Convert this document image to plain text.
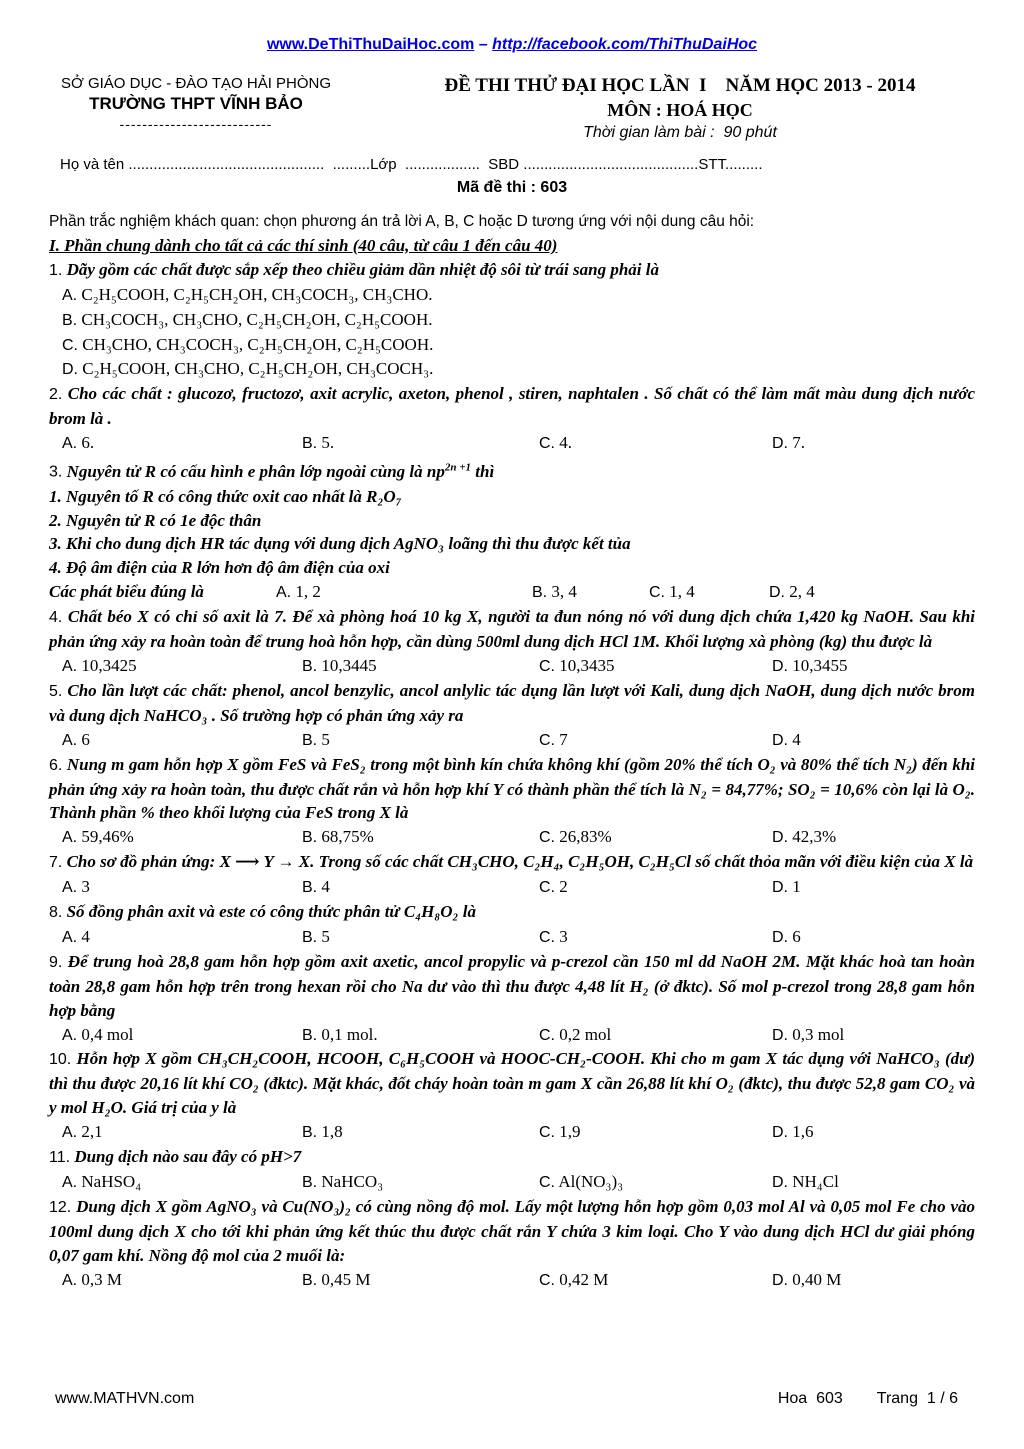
www.DeThiThuDaiHoc.com – http://facebook.com/ThiThuDaiHoc
SỞ GIÁO DỤC - ĐÀO TẠO HẢI PHÒNG
TRƯỜNG THPT VĨNH BẢO
---------------------------
ĐỀ THI THỬ ĐẠI HỌC LẦN  I    NĂM HỌC 2013 - 2014
MÔN : HOÁ HỌC
Thời gian làm bài :  90 phút
Họ và tên ...............................................  .........Lớp  ..................  SBD ..........................................STT.........
Mã đề thi : 603
Phần trắc nghiệm khách quan: chọn phương án trả lời A, B, C hoặc D tương ứng với nội dung câu hỏi:
I. Phần chung dành cho tất cả các thí sinh (40 câu, từ câu 1 đến câu 40)

1. Dãy gồm các chất được sắp xếp theo chiều giảm dần nhiệt độ sôi từ trái sang phải là

A. C₂H₅COOH, C₂H₅CH₂OH, CH₃COCH₃, CH₃CHO.
B. CH₃COCH₃, CH₃CHO, C₂H₅CH₂OH, C₂H₅COOH.
C. CH₃CHO, CH₃COCH₃, C₂H₅CH₂OH, C₂H₅COOH.
D. C₂H₅COOH, CH₃CHO, C₂H₅CH₂OH, CH₃COCH₃.

2. Cho các chất : glucozơ, fructozơ, axit acrylic, axeton, phenol , stiren, naphtalen . Số chất có thể làm mất màu dung dịch nước brom là .

A. 6.	B. 5.	C. 4.	D. 7.

3. Nguyên tử R có cấu hình e phân lớp ngoài cùng là $np^{2n +1}$ thì

1. Nguyên tố R có công thức oxit cao nhất là R₂O₇

2. Nguyên tử R có 1e độc thân

3. Khi cho dung dịch HR tác dụng với dung dịch AgNO₃ loãng thì thu được kết tủa

4. Độ âm điện của R lớn hơn độ âm điện của oxi

Các phát biểu đúng là	A. 1, 2	B. 3, 4	C. 1, 4	D. 2, 4

4. Chất béo X có chỉ số axit là 7. Để xà phòng hoá 10 kg X, người ta đun nóng nó với dung dịch chứa 1,420 kg NaOH. Sau khi phản ứng xảy ra hoàn toàn để trung hoà hỗn hợp, cần dùng 500ml dung dịch HCl 1M. Khối lượng xà phòng (kg) thu được là

A. 10,3425	B. 10,3445	C. 10,3435	D. 10,3455

5. Cho lần lượt các chất: phenol, ancol benzylic, ancol anlylic tác dụng lần lượt với Kali, dung dịch NaOH, dung dịch nước brom và dung dịch NaHCO₃ . Số trường hợp có phản ứng xảy ra

A. 6	B. 5	C. 7	D. 4

6. Nung m gam hỗn hợp X gồm FeS và FeS₂ trong một bình kín chứa không khí (gồm 20% thể tích O₂ và 80% thể tích N₂) đến khi phản ứng xảy ra hoàn toàn, thu được chất rắn và hỗn hợp khí Y có thành phần thể tích là N₂ = 84,77%; SO₂ = 10,6% còn lại là O₂. Thành phần % theo khối lượng của FeS trong X là

A. 59,46%	B. 68,75%	C. 26,83%	D. 42,3%

7. Cho sơ đồ phản ứng: X ⟶ Y → X. Trong số các chất CH₃CHO, C₂H₄, C₂H₅OH, C₂H₅Cl số chất thỏa mãn với điều kiện của X là

A. 3	B. 4	C. 2	D. 1

8. Số đồng phân axit và este có công thức phân tử C₄H₈O₂ là

A. 4	B. 5	C. 3	D. 6

9. Để trung hoà 28,8 gam hỗn hợp gồm axit axetic, ancol propylic và p-crezol cần 150 ml dd NaOH 2M. Mặt khác hoà tan hoàn toàn 28,8 gam hỗn hợp trên trong hexan rồi cho Na dư vào thì thu được 4,48 lít H₂ (ở đktc). Số mol p-crezol trong 28,8 gam hỗn hợp bằng

A. 0,4 mol	B. 0,1 mol.	C. 0,2 mol	D. 0,3 mol

10. Hỗn hợp X gồm CH₃CH₂COOH, HCOOH, C₆H₅COOH và HOOC-CH₂-COOH. Khi cho m gam X tác dụng với NaHCO₃ (dư) thì thu được 20,16 lít khí CO₂ (đktc). Mặt khác, đốt cháy hoàn toàn m gam X cần 26,88 lít khí O₂ (đktc), thu được 52,8 gam CO₂ và y mol H₂O. Giá trị của y là

A. 2,1	B. 1,8	C. 1,9	D. 1,6

11. Dung dịch nào sau đây có pH>7

A. NaHSO₄	B. NaHCO₃	C. Al(NO₃)₃	D. NH₄Cl

12. Dung dịch X gồm AgNO₃ và Cu(NO₃)₂ có cùng nồng độ mol. Lấy một lượng hỗn hợp gồm 0,03 mol Al và 0,05 mol Fe cho vào 100ml dung dịch X cho tới khi phản ứng kết thúc thu được chất rắn Y chứa 3 kim loại. Cho Y vào dung dịch HCl dư giải phóng 0,07 gam khí. Nồng độ mol của 2 muối là:

A. 0,3 M	B. 0,45 M	C. 0,42 M	D. 0,40 M
www.MATHVN.com	Hoa  603 Trang  1 / 6
